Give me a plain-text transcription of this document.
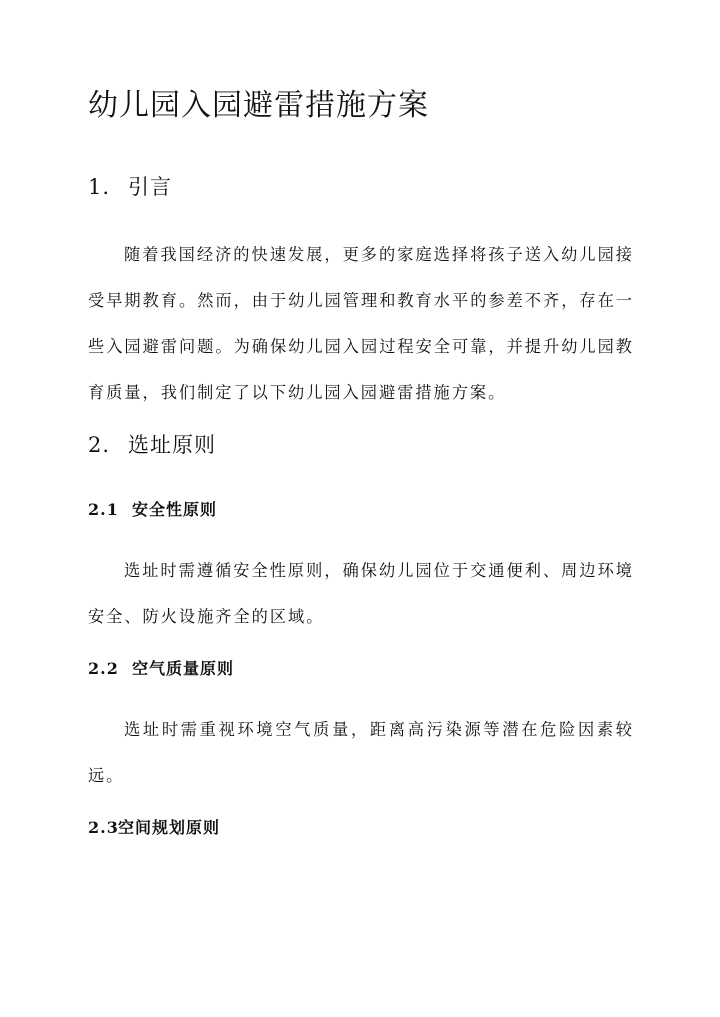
幼儿园入园避雷措施方案
1. 引言

随着我国经济的快速发展，更多的家庭选择将孩子送入幼儿园接受早期教育。然而，由于幼儿园管理和教育水平的参差不齐，存在一些入园避雷问题。为确保幼儿园入园过程安全可靠，并提升幼儿园教育质量，我们制定了以下幼儿园入园避雷措施方案。

2. 选址原则
2.1 安全性原则

选址时需遵循安全性原则，确保幼儿园位于交通便利、周边环境安全、防火设施齐全的区域。

2.2 空气质量原则

选址时需重视环境空气质量，距离高污染源等潜在危险因素较远。

2.3空间规划原则
